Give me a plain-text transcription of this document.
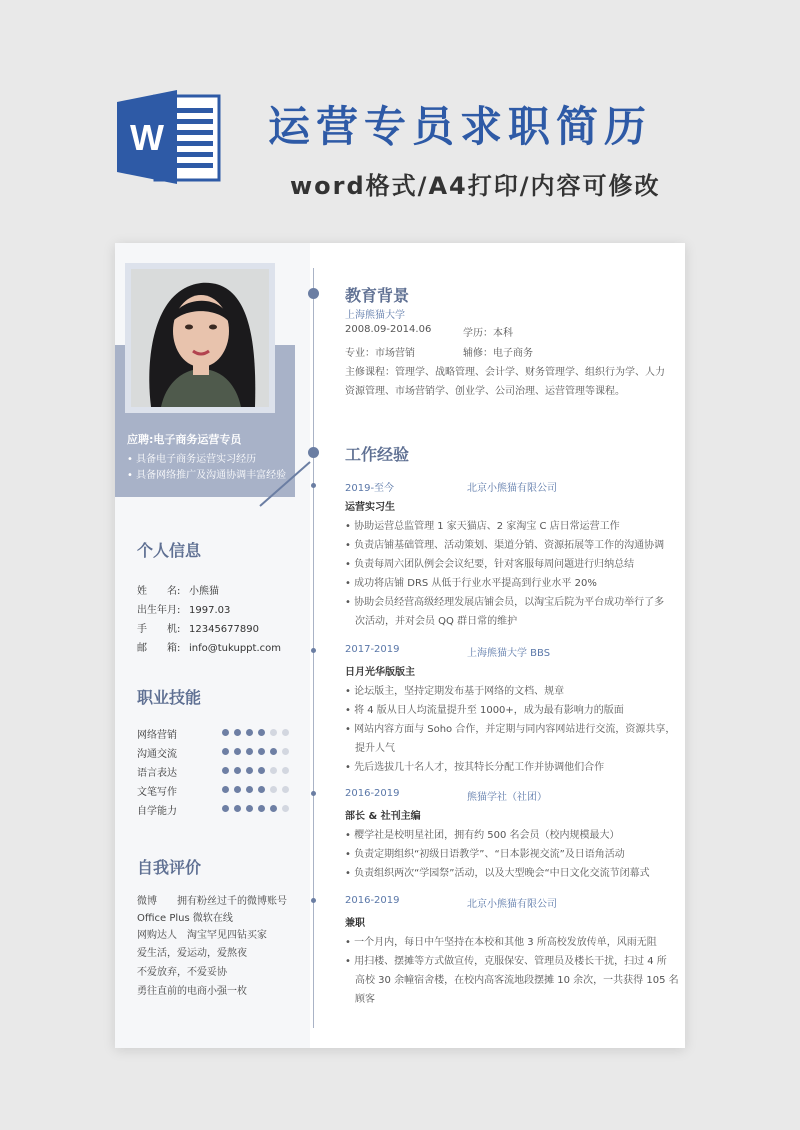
W 运营专员求职简历
word格式/A4打印/内容可修改
应聘:电子商务运营专员
• 具备电子商务运营实习经历
• 具备网络推广及沟通协调丰富经验
个人信息
姓　　名: 小熊猫
出生年月: 1997.03
手　　机: 12345677890
邮　　箱: info@tukuppt.com
职业技能
网络营销
沟通交流
语言表达
文笔写作
自学能力
自我评价
微博　　拥有粉丝过千的微博账号
Office Plus 微软在线
网购达人　淘宝罕见四钻买家
爱生活，爱运动，爱熬夜
不爱放弃，不爱妥协
勇往直前的电商小强一枚
教育背景
上海熊猫大学
2008.09-2014.06	学历：本科
专业：市场营销	辅修：电子商务
主修课程：管理学、战略管理、会计学、财务管理学、组织行为学、人力
资源管理、市场营销学、创业学、公司治理、运营管理等课程。
工作经验
2019-至今	北京小熊猫有限公司
运营实习生
• 协助运营总监管理 1 家天猫店、2 家淘宝 C 店日常运营工作
• 负责店铺基础管理、活动策划、渠道分销、资源拓展等工作的沟通协调
• 负责每周六团队例会会议纪要，针对客服每周问题进行归纳总结
• 成功将店铺 DRS 从低于行业水平提高到行业水平 20%
• 协助会员经营高级经理发展店铺会员，以淘宝后院为平台成功举行了多
　次活动，并对会员 QQ 群日常的维护
2017-2019	上海熊猫大学 BBS
日月光华版版主
• 论坛版主，坚持定期发布基于网络的文档、规章
• 将 4 版从日人均流量提升至 1000+，成为最有影响力的版面
• 网站内容方面与 Soho 合作，并定期与同内容网站进行交流，资源共享，
　提升人气
• 先后选拔几十名人才，按其特长分配工作并协调他们合作
2016-2019	熊猫学社（社团）
部长 & 社刊主编
• 樱学社是校明星社团，拥有约 500 名会员（校内规模最大）
• 负责定期组织“初级日语教学”、“日本影视交流”及日语角活动
• 负责组织两次“学园祭”活动，以及大型晚会“中日文化交流节闭幕式
2016-2019	北京小熊猫有限公司
兼职
• 一个月内，每日中午坚持在本校和其他 3 所高校发放传单，风雨无阻
• 用扫楼、摆摊等方式做宣传，克服保安、管理员及楼长干扰，扫过 4 所
　高校 30 余幢宿舍楼，在校内高客流地段摆摊 10 余次，一共获得 105 名
　顾客
